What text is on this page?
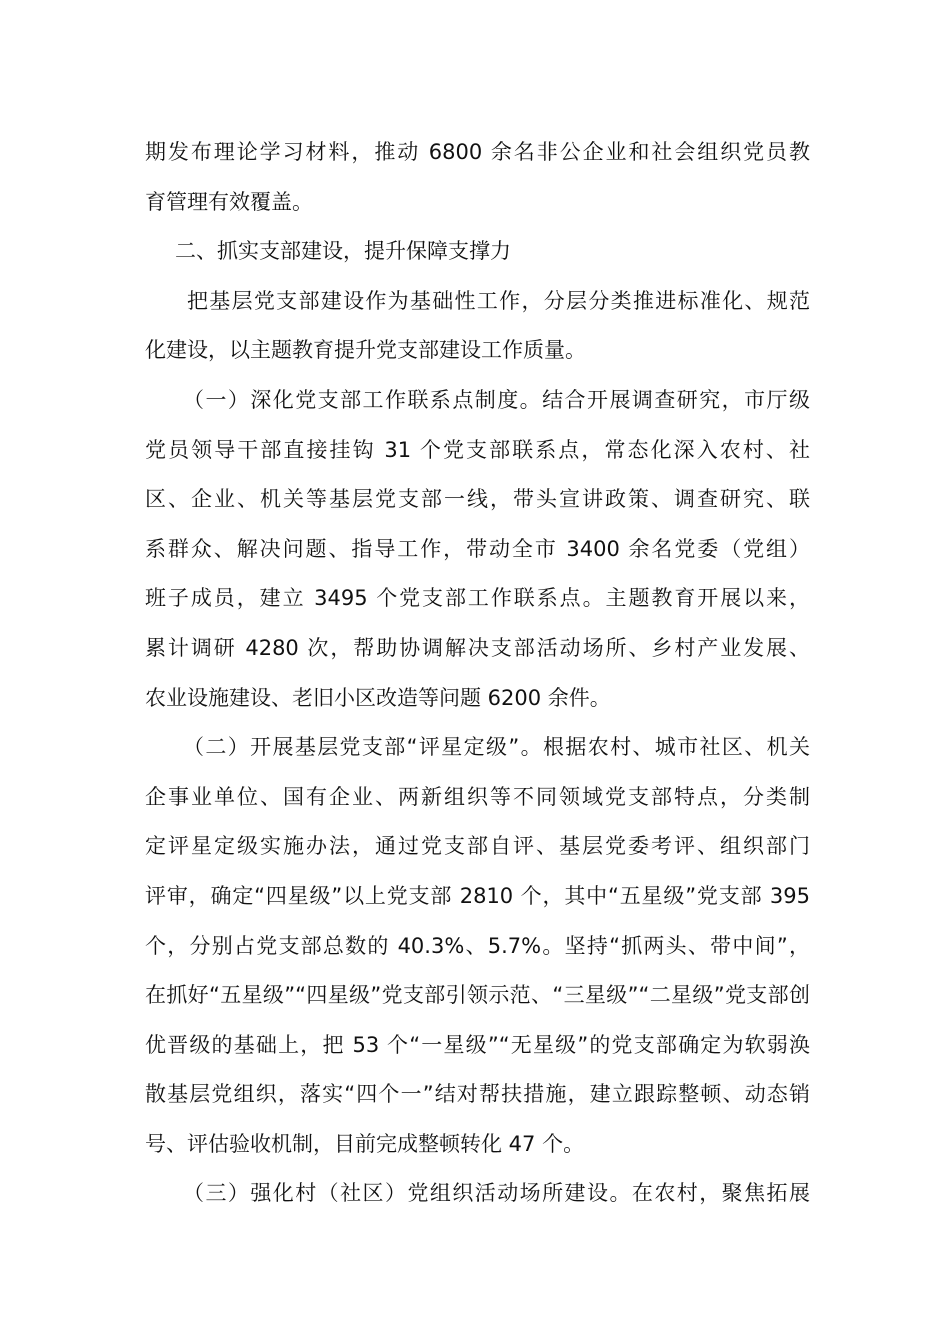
期发布理论学习材料，推动 6800 余名非公企业和社会组织党员教
育管理有效覆盖。
二、抓实支部建设，提升保障支撑力
把基层党支部建设作为基础性工作，分层分类推进标准化、规范
化建设，以主题教育提升党支部建设工作质量。
（一）深化党支部工作联系点制度。结合开展调查研究，市厅级
党员领导干部直接挂钩 31 个党支部联系点，常态化深入农村、社
区、企业、机关等基层党支部一线，带头宣讲政策、调查研究、联
系群众、解决问题、指导工作，带动全市 3400 余名党委（党组）
班子成员，建立 3495 个党支部工作联系点。主题教育开展以来，
累计调研 4280 次，帮助协调解决支部活动场所、乡村产业发展、
农业设施建设、老旧小区改造等问题 6200 余件。
（二）开展基层党支部“评星定级”。根据农村、城市社区、机关
企事业单位、国有企业、两新组织等不同领域党支部特点，分类制
定评星定级实施办法，通过党支部自评、基层党委考评、组织部门
评审，确定“四星级”以上党支部 2810 个，其中“五星级”党支部 395
个，分别占党支部总数的 40.3%、5.7%。坚持“抓两头、带中间”，
在抓好“五星级”“四星级”党支部引领示范、“三星级”“二星级”党支部创
优晋级的基础上，把 53 个“一星级”“无星级”的党支部确定为软弱涣
散基层党组织，落实“四个一”结对帮扶措施，建立跟踪整顿、动态销
号、评估验收机制，目前完成整顿转化 47 个。
（三）强化村（社区）党组织活动场所建设。在农村，聚焦拓展
